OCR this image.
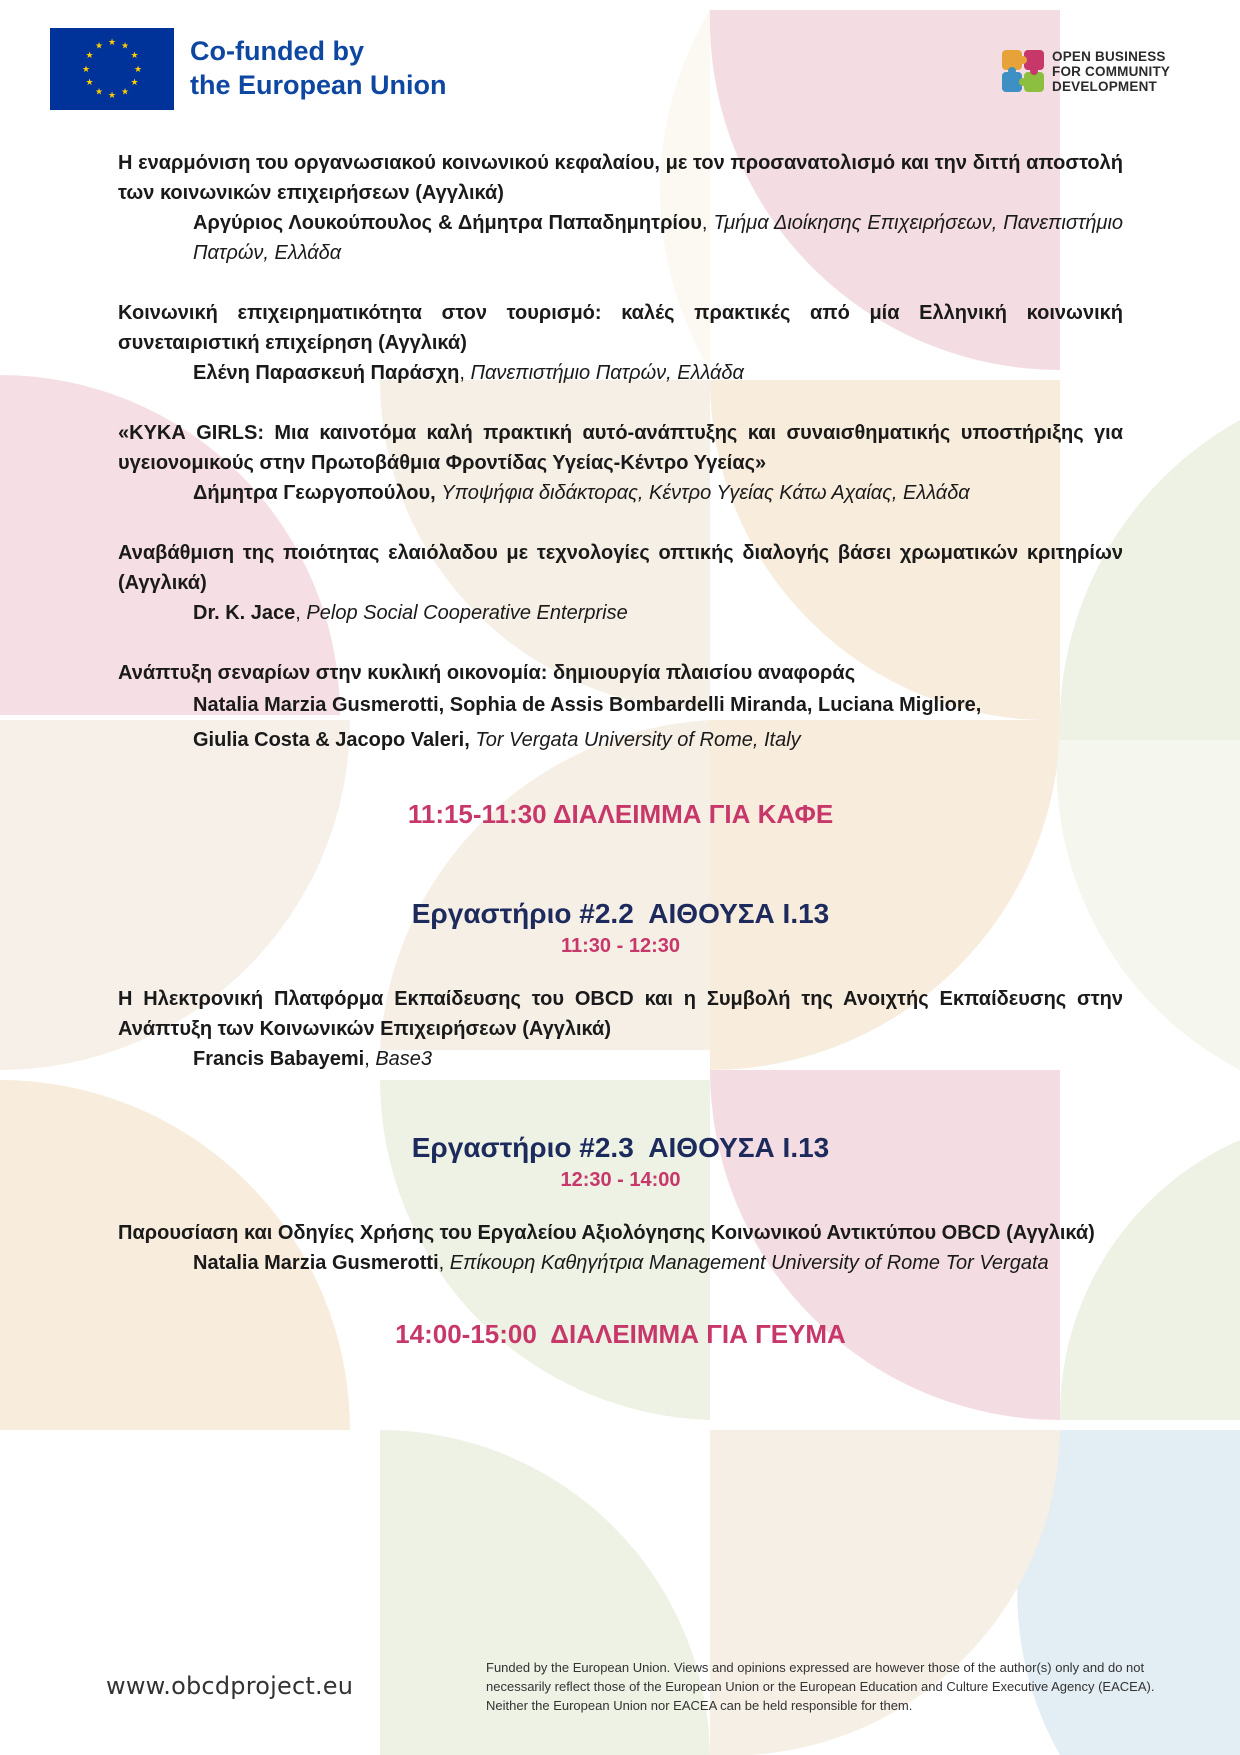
★ ★
★
★
★
★
★
★
★
★
★
★	Co-funded by
the European Union
OPEN BUSINESS
FOR COMMUNITY
DEVELOPMENT
Η εναρμόνιση του οργανωσιακού κοινωνικού κεφαλαίου, με τον προσανατολισμό και την διττή αποστολή των κοινωνικών επιχειρήσεων (Αγγλικά)
Αργύριος Λουκούπουλος & Δήμητρα Παπαδημητρίου, Τμήμα Διοίκησης Επιχειρήσεων, Πανεπιστήμιο Πατρών, Ελλάδα
Κοινωνική επιχειρηματικότητα στον τουρισμό: καλές πρακτικές από μία Ελληνική κοινωνική συνεταιριστική επιχείρηση (Αγγλικά)
Ελένη Παρασκευή Παράσχη, Πανεπιστήμιο Πατρών, Ελλάδα
«ΚΥΚΑ GIRLS: Μια καινοτόμα καλή πρακτική αυτό-ανάπτυξης και συναισθηματικής υποστήριξης για υγειονομικούς στην Πρωτοβάθμια Φροντίδας Υγείας-Κέντρο Υγείας»
Δήμητρα Γεωργοπούλου, Υποψήφια διδάκτορας, Κέντρο Υγείας Κάτω Αχαίας, Ελλάδα
Αναβάθμιση της ποιότητας ελαιόλαδου με τεχνολογίες οπτικής διαλογής βάσει χρωματικών κριτηρίων (Αγγλικά)
Dr. K. Jace, Pelop Social Cooperative Enterprise
Ανάπτυξη σεναρίων στην κυκλική οικονομία: δημιουργία πλαισίου αναφοράς
Natalia Marzia Gusmerotti, Sophia de Assis Bombardelli Miranda, Luciana Migliore,
Giulia Costa & Jacopo Valeri, Tor Vergata University of Rome, Italy
11:15-11:30 ΔΙΑΛΕΙΜΜΑ ΓΙΑ ΚΑΦΕ
Εργαστήριο #2.2  ΑΙΘΟΥΣΑ Ι.13
11:30 - 12:30
Η Ηλεκτρονική Πλατφόρμα Εκπαίδευσης του OBCD και η Συμβολή της Ανοιχτής Εκπαίδευσης στην Ανάπτυξη των Κοινωνικών Επιχειρήσεων (Αγγλικά)
Francis Babayemi, Base3
Εργαστήριο #2.3  ΑΙΘΟΥΣΑ Ι.13
12:30 - 14:00
Παρουσίαση και Οδηγίες Χρήσης του Εργαλείου Αξιολόγησης Κοινωνικού Αντικτύπου OBCD (Αγγλικά)
Natalia Marzia Gusmerotti, Επίκουρη Καθηγήτρια Management University of Rome Tor Vergata
14:00-15:00  ΔΙΑΛΕΙΜΜΑ ΓΙΑ ΓΕΥΜΑ
www.obcdproject.eu
Funded by the European Union. Views and opinions expressed are however those of the author(s) only and do not necessarily reflect those of the European Union or the European Education and Culture Executive Agency (EACEA). Neither the European Union nor EACEA can be held responsible for them.
